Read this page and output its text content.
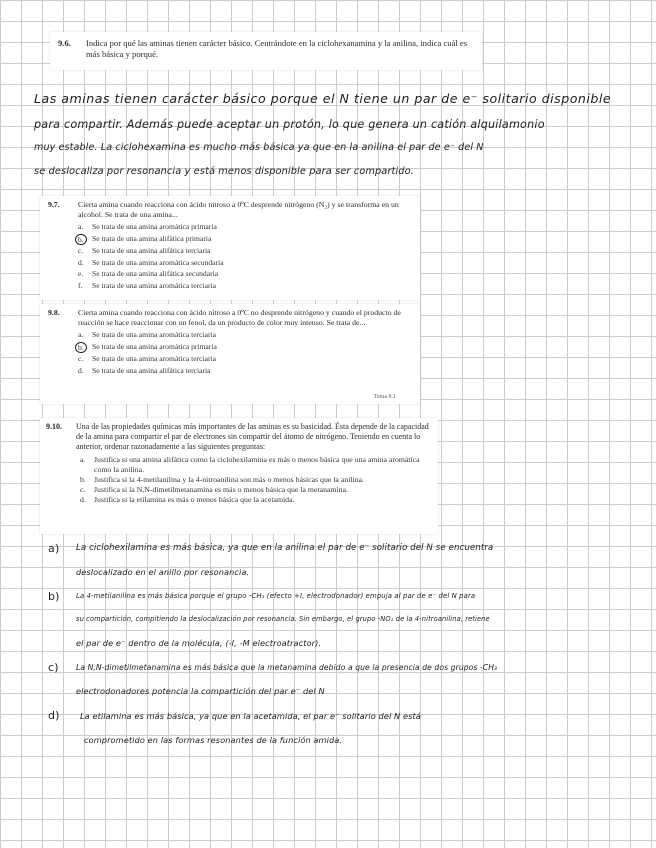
9.6. Indica por qué las aminas tienen carácter básico. Centrándote en la ciclohexanamina y la anilina, indica cuál es más básica y porqué.
Las aminas tienen carácter básico porque el N tiene un par de e⁻ solitario disponible
para compartir. Además puede aceptar un protón, lo que genera un catión alquilamonio
muy estable. La ciclohexamina es mucho más básica ya que en la anilina el par de e⁻ del N
se deslocaliza por resonancia y está menos disponible para ser compartido.
9.7. Cierta amina cuando reacciona con ácido nitroso a 0ºC desprende nitrógeno (N₂) y se transforma en un alcohol. Se trata de una amina...
a. Se trata de una amina aromática primaria
b.	Se trata de una amina alifática primaria
c. Se trata de una amina alifática terciaria
d. Se trata de una amina aromática secundaria
e. Se trata de una amina alifática secundaria
f. Se trata de una amina aromática terciaria
9.8. Cierta amina cuando reacciona con ácido nitroso a 0ºC no desprende nitrógeno y cuando el producto de reacción se hace reaccionar con un fenol, da un producto de color muy intenso. Se trata de...
a. Se trata de una amina aromática terciaria
b.	Se trata de una amina aromática primaria
c. Se trata de una amina aromática terciaria
d. Se trata de una amina alifática terciaria
Tema 8.1
9.10. Una de las propiedades químicas más importantes de las aminas es su basicidad. Ésta depende de la capacidad de la amina para compartir el par de electrones sin compartir del átomo de nitrógeno. Teniendo en cuenta lo anterior, ordenar razonadamente a las siguientes preguntas:
a. Justifica si una amina alifática como la ciclohexilamina es más o menos básica que una amina aromática como la anilina.
b. Justifica si la 4-metilanilina y la 4-nitroanilina son más o menos básicas que la anilina.
c. Justifica si la N,N-dimetilmetanamina es más o menos básica que la metanamina.
d. Justifica si la etilamina es más o menos básica que la acetamida.
a) La ciclohexilamina es más básica, ya que en la anilina el par de e⁻ solitario del N se encuentra
deslocalizado en el anillo por resonancia.
b) La 4-metilanilina es más básica porque el grupo -CH₃ (efecto +I, electrodonador) empuja al par de e⁻ del N para
su compartición, compitiendo la deslocalización por resonancia. Sin embargo, el grupo -NO₂ de la 4-nitroanilina, retiene
el par de e⁻ dentro de la molécula, (-I, -M electroatractor).
c) La N,N-dimetilmetanamina es más básica que la metanamina debido a que la presencia de dos grupos -CH₃
electrodonadores potencia la compartición del par e⁻ del N
d) La etilamina es más básica, ya que en la acetamida, el par e⁻ solitario del N está
comprometido en las formas resonantes de la función amida.
